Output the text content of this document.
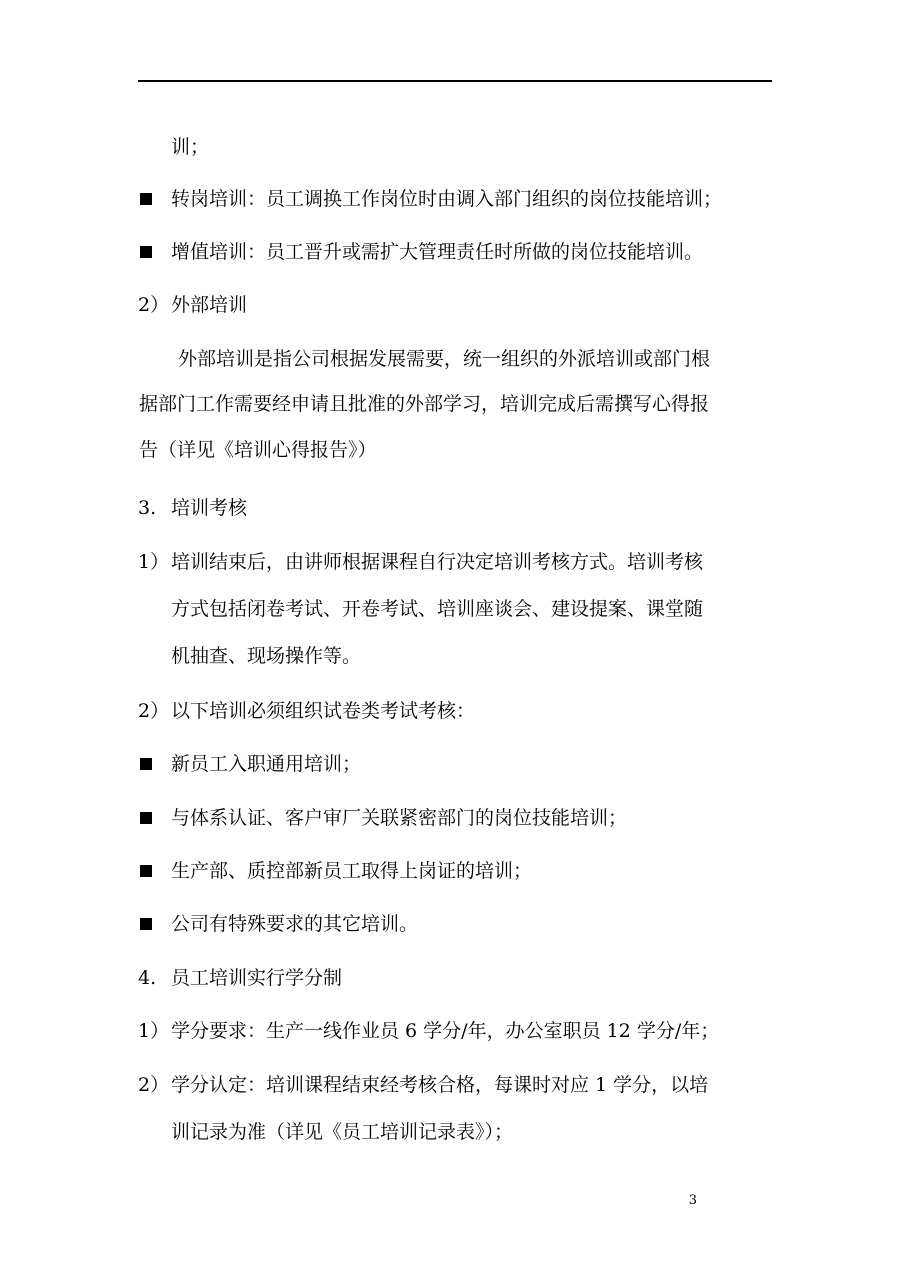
训；
转岗培训：员工调换工作岗位时由调入部门组织的岗位技能培训；
增值培训：员工晋升或需扩大管理责任时所做的岗位技能培训。
2） 外部培训
外部培训是指公司根据发展需要，统一组织的外派培训或部门根
据部门工作需要经申请且批准的外部学习，培训完成后需撰写心得报
告（详见《培训心得报告》）
3. 培训考核
1） 培训结束后，由讲师根据课程自行决定培训考核方式。培训考核
方式包括闭卷考试、开卷考试、培训座谈会、建设提案、课堂随
机抽查、现场操作等。
2） 以下培训必须组织试卷类考试考核：
新员工入职通用培训；
与体系认证、客户审厂关联紧密部门的岗位技能培训；
生产部、质控部新员工取得上岗证的培训；
公司有特殊要求的其它培训。
4. 员工培训实行学分制
1） 学分要求：生产一线作业员 6 学分/年，办公室职员 12 学分/年；
2） 学分认定：培训课程结束经考核合格，每课时对应 1 学分，以培
训记录为准（详见《员工培训记录表》）；
3
